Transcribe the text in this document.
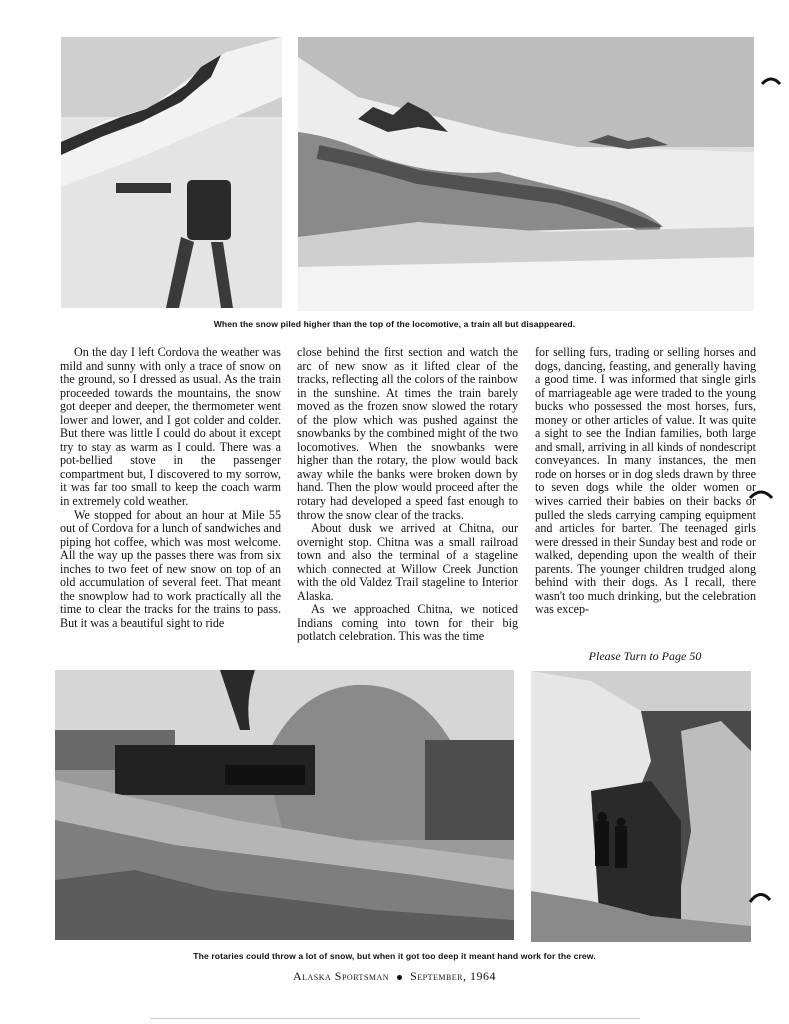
When the snow piled higher than the top of the locomotive, a train all but disappeared.

On the day I left Cordova the weather was mild and sunny with only a trace of snow on the ground, so I dressed as usual. As the train proceeded towards the mountains, the snow got deeper and deeper, the thermometer went lower and lower, and I got colder and colder. But there was little I could do about it except try to stay as warm as I could. There was a pot-bellied stove in the passenger compartment but, I discovered to my sorrow, it was far too small to keep the coach warm in extremely cold weather.

We stopped for about an hour at Mile 55 out of Cordova for a lunch of sandwiches and piping hot coffee, which was most welcome. All the way up the passes there was from six inches to two feet of new snow on top of an old accumulation of several feet. That meant the snowplow had to work practically all the time to clear the tracks for the trains to pass. But it was a beautiful sight to ride

close behind the first section and watch the arc of new snow as it lifted clear of the tracks, reflecting all the colors of the rainbow in the sunshine. At times the train barely moved as the frozen snow slowed the rotary of the plow which was pushed against the snowbanks by the combined might of the two locomotives. When the snowbanks were higher than the rotary, the plow would back away while the banks were broken down by hand. Then the plow would proceed after the rotary had developed a speed fast enough to throw the snow clear of the tracks.

About dusk we arrived at Chitna, our overnight stop. Chitna was a small railroad town and also the terminal of a stageline which connected at Willow Creek Junction with the old Valdez Trail stageline to Interior Alaska.

As we approached Chitna, we noticed Indians coming into town for their big potlatch celebration. This was the time

for selling furs, trading or selling horses and dogs, dancing, feasting, and generally having a good time. I was informed that single girls of marriageable age were traded to the young bucks who possessed the most horses, furs, money or other articles of value. It was quite a sight to see the Indian families, both large and small, arriving in all kinds of nondescript conveyances. In many instances, the men rode on horses or in dog sleds drawn by three to seven dogs while the older women or wives carried their babies on their backs or pulled the sleds carrying camping equipment and articles for barter. The teenaged girls were dressed in their Sunday best and rode or walked, depending upon the wealth of their parents. The younger children trudged along behind with their dogs. As I recall, there wasn't too much drinking, but the celebration was excep-

Please Turn to Page 50
The rotaries could throw a lot of snow, but when it got too deep it meant hand work for the crew.
Alaska Sportsman September, 1964
